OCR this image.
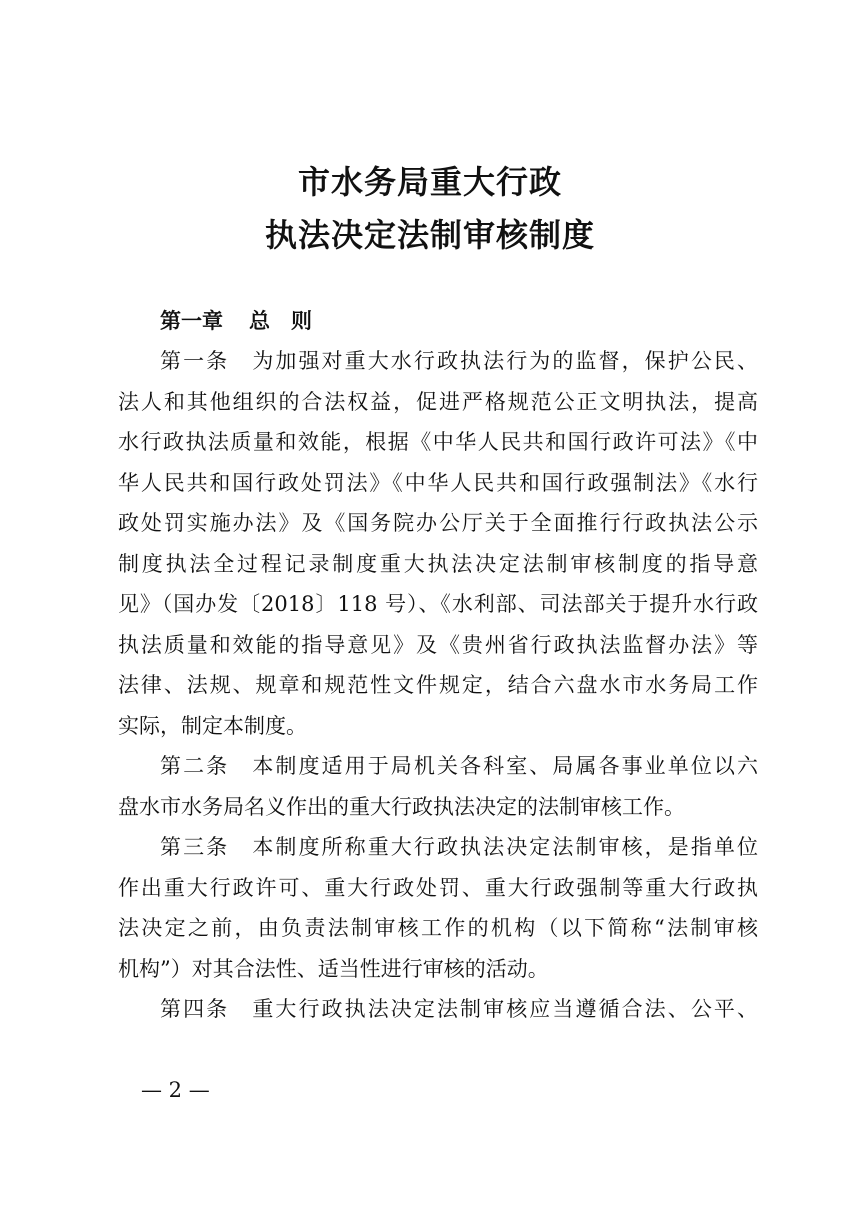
市水务局重大行政
执法决定法制审核制度
第一章 总　则
第一条　为加强对重大水行政执法行为的监督，保护公民、
法人和其他组织的合法权益，促进严格规范公正文明执法，提高
水行政执法质量和效能，根据《中华人民共和国行政许可法》《中
华人民共和国行政处罚法》《中华人民共和国行政强制法》《水行
政处罚实施办法》及《国务院办公厅关于全面推行行政执法公示
制度执法全过程记录制度重大执法决定法制审核制度的指导意
见》（国办发〔2018〕118 号）、《水利部、司法部关于提升水行政
执法质量和效能的指导意见》及《贵州省行政执法监督办法》等
法律、法规、规章和规范性文件规定，结合六盘水市水务局工作
实际，制定本制度。
第二条　本制度适用于局机关各科室、局属各事业单位以六
盘水市水务局名义作出的重大行政执法决定的法制审核工作。
第三条　本制度所称重大行政执法决定法制审核，是指单位
作出重大行政许可、重大行政处罚、重大行政强制等重大行政执
法决定之前，由负责法制审核工作的机构（以下简称“法制审核
机构”）对其合法性、适当性进行审核的活动。
第四条　重大行政执法决定法制审核应当遵循合法、公平、
— 2 —
